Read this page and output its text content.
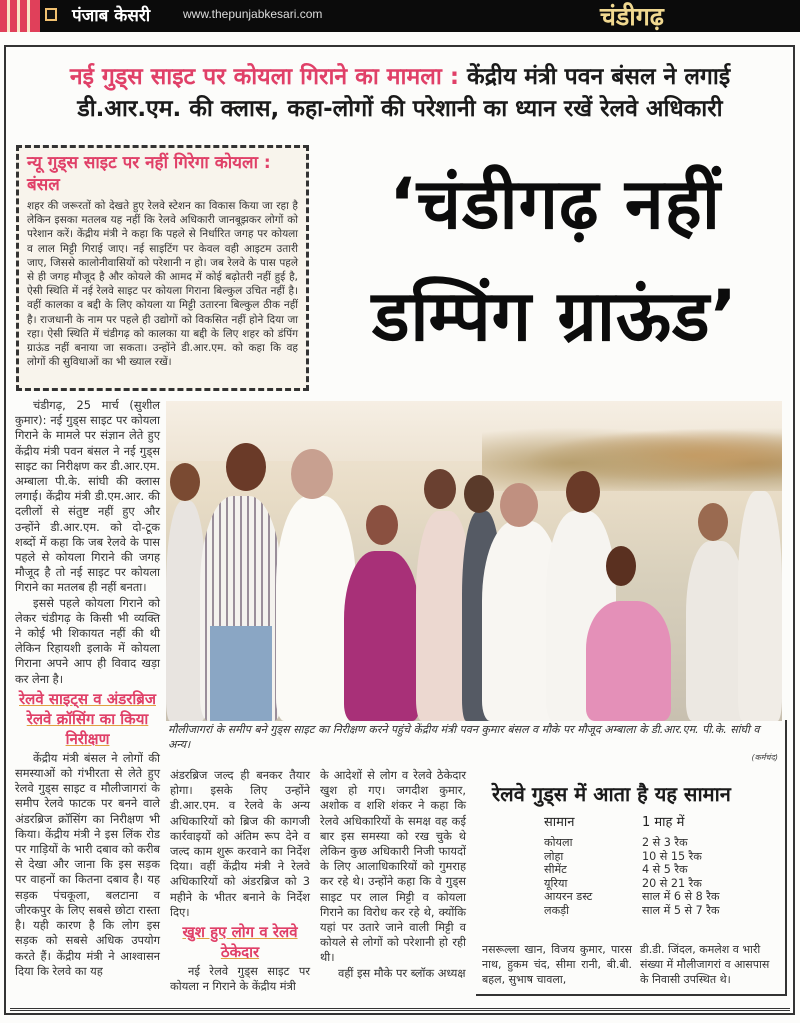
पंजाब केसरी	www.thepunjabkesari.com	चंडीगढ़
नई गुड्स साइट पर कोयला गिराने का मामला : केंद्रीय मंत्री पवन बंसल ने लगाई
डी.आर.एम. की क्लास, कहा-लोगों की परेशानी का ध्यान रखें रेलवे अधिकारी
न्यू गुड्स साइट पर नहीं गिरेगा कोयला : बंसल

शहर की जरूरतों को देखते हुए रेलवे स्टेशन का विकास किया जा रहा है लेकिन इसका मतलब यह नहीं कि रेलवे अधिकारी जानबूझकर लोगों को परेशान करें। केंद्रीय मंत्री ने कहा कि पहले से निर्धारित जगह पर कोयला व लाल मिट्टी गिराई जाए। नई साइटिंग पर केवल वही आइटम उतारी जाए, जिससे कालोनीवासियों को परेशानी न हो। जब रेलवे के पास पहले से ही जगह मौजूद है और कोयले की आमद में कोई बढ़ोतरी नहीं हुई है, ऐसी स्थिति में नई रेलवे साइट पर कोयला गिराना बिल्कुल उचित नहीं है। वहीं कालका व बद्दी के लिए कोयला या मिट्टी उतारना बिल्कुल ठीक नहीं है। राजधानी के नाम पर पहले ही उद्योगों को विकसित नहीं होने दिया जा रहा। ऐसी स्थिति में चंडीगढ़ को कालका या बद्दी के लिए शहर को डंपिंग ग्राऊंड नहीं बनाया जा सकता। उन्होंने डी.आर.एम. को कहा कि वह लोगों की सुविधाओं का भी ख्याल रखें।

‘चंडीगढ़ नहीं
डम्पिंग ग्राऊंड’
मौलीजागरां के समीप बने गुड्स साइट का निरीक्षण करने पहुंचे केंद्रीय मंत्री पवन कुमार बंसल व मौके पर मौजूद अम्बाला के डी.आर.एम. पी.के. सांघी व अन्य।
(कर्मचंद)

चंडीगढ़, 25 मार्च (सुशील कुमार): नई गुड्स साइट पर कोयला गिराने के मामले पर संज्ञान लेते हुए केंद्रीय मंत्री पवन बंसल ने नई गुड्स साइट का निरीक्षण कर डी.आर.एम. अम्बाला पी.के. सांघी की क्लास लगाई। केंद्रीय मंत्री डी.एम.आर. की दलीलों से संतुष्ट नहीं हुए और उन्होंने डी.आर.एम. को दो-टूक शब्दों में कहा कि जब रेलवे के पास पहले से कोयला गिराने की जगह मौजूद है तो नई साइट पर कोयला गिराने का मतलब ही नहीं बनता।

इससे पहले कोयला गिराने को लेकर चंडीगढ़ के किसी भी व्यक्ति ने कोई भी शिकायत नहीं की थी लेकिन रिहायशी इलाके में कोयला गिराना अपने आप ही विवाद खड़ा कर लेना है।

रेलवे साइट्स व अंडरब्रिज रेलवे क्रॉसिंग का किया निरीक्षण

केंद्रीय मंत्री बंसल ने लोगों की समस्याओं को गंभीरता से लेते हुए रेलवे गुड्स साइट व मौलीजागरां के समीप रेलवे फाटक पर बनने वाले अंडरब्रिज क्रॉसिंग का निरीक्षण भी किया। केंद्रीय मंत्री ने इस लिंक रोड पर गाड़ियों के भारी दबाव को करीब से देखा और जाना कि इस सड़क पर वाहनों का कितना दबाव है। यह सड़क पंचकूला, बलटाना व जीरकपुर के लिए सबसे छोटा रास्ता है। यही कारण है कि लोग इस सड़क को सबसे अधिक उपयोग करते हैं। केंद्रीय मंत्री ने आश्वासन दिया कि रेलवे का यह

अंडरब्रिज जल्द ही बनकर तैयार होगा। इसके लिए उन्होंने डी.आर.एम. व रेलवे के अन्य अधिकारियों को ब्रिज की कागजी कार्रवाइयों को अंतिम रूप देने व जल्द काम शुरू करवाने का निर्देश दिया। वहीं केंद्रीय मंत्री ने रेलवे अधिकारियों को अंडरब्रिज को 3 महीने के भीतर बनाने के निर्देश दिए।

खुश हुए लोग व रेलवे ठेकेदार

नई रेलवे गुड्स साइट पर कोयला न गिराने के केंद्रीय मंत्री

के आदेशों से लोग व रेलवे ठेकेदार खुश हो गए। जगदीश कुमार, अशोक व शशि शंकर ने कहा कि रेलवे अधिकारियों के समक्ष वह कई बार इस समस्या को रख चुके थे लेकिन कुछ अधिकारी निजी फायदों के लिए आलाधिकारियों को गुमराह कर रहे थे। उन्होंने कहा कि वे गुड्स साइट पर लाल मिट्टी व कोयला गिराने का विरोध कर रहे थे, क्योंकि यहां पर उतारे जाने वाली मिट्टी व कोयले से लोगों को परेशानी हो रही थी।

वहीं इस मौके पर ब्लॉक अध्यक्ष

रेलवे गुड्स में आता है यह सामान
सामान	1 माह में
कोयला	2 से 3 रैक
लोहा	10 से 15 रैक
सीमेंट	4 से 5 रैक
यूरिया	20 से 21 रैक
आयरन डस्ट	साल में 6 से 8 रैक
लकड़ी	साल में 5 से 7 रैक
नसरूल्ला खान, विजय कुमार, पारस नाथ, हुकम चंद, सीमा रानी, बी.बी. बहल, सुभाष चावला,
डी.डी. जिंदल, कमलेश व भारी संख्या में मौलीजागरां व आसपास के निवासी उपस्थित थे।
